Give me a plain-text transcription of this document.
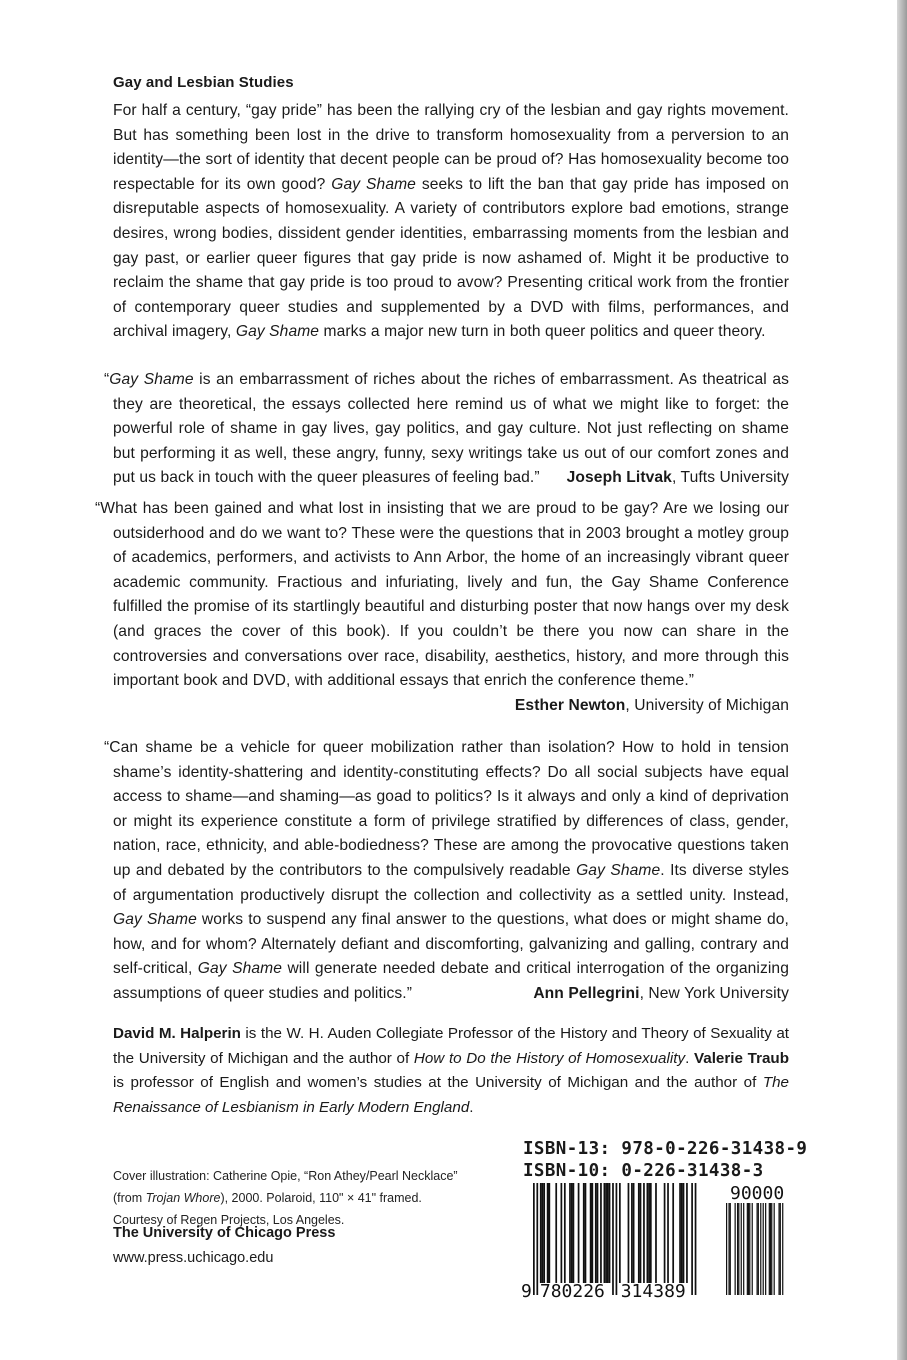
Gay and Lesbian Studies
For half a century, “gay pride” has been the rallying cry of the lesbian and gay rights movement. But has something been lost in the drive to transform homosexuality from a perversion to an identity—the sort of identity that decent people can be proud of? Has homosexuality become too respectable for its own good? Gay Shame seeks to lift the ban that gay pride has imposed on disreputable aspects of homosexuality. A variety of contributors explore bad emotions, strange desires, wrong bodies, dissident gender identities, embarrassing moments from the lesbian and gay past, or earlier queer figures that gay pride is now ashamed of. Might it be productive to reclaim the shame that gay pride is too proud to avow? Presenting critical work from the frontier of contemporary queer studies and supplemented by a DVD with films, performances, and archival imagery, Gay Shame marks a major new turn in both queer politics and queer theory.
“Gay Shame is an embarrassment of riches about the riches of embarrassment. As theatrical as they are theoretical, the essays collected here remind us of what we might like to forget: the powerful role of shame in gay lives, gay politics, and gay culture. Not just reflecting on shame but performing it as well, these angry, funny, sexy writings take us out of our comfort zones and put us back in touch with the queer pleasures of feeling bad.” Joseph Litvak, Tufts University
“What has been gained and what lost in insisting that we are proud to be gay? Are we losing our outsiderhood and do we want to? These were the questions that in 2003 brought a motley group of academics, performers, and activists to Ann Arbor, the home of an increasingly vibrant queer academic community. Fractious and infuriating, lively and fun, the Gay Shame Conference fulfilled the promise of its startlingly beautiful and disturbing poster that now hangs over my desk (and graces the cover of this book). If you couldn’t be there you now can share in the controversies and conversations over race, disability, aesthetics, history, and more through this important book and DVD, with additional essays that enrich the conference theme.”
Esther Newton, University of Michigan
“Can shame be a vehicle for queer mobilization rather than isolation? How to hold in tension shame’s identity-shattering and identity-constituting effects? Do all social subjects have equal access to shame—and shaming—as goad to politics? Is it always and only a kind of deprivation or might its experience constitute a form of privilege stratified by differences of class, gender, nation, race, ethnicity, and able-bodiedness? These are among the provocative questions taken up and debated by the contributors to the compulsively readable Gay Shame. Its diverse styles of argumentation productively disrupt the collection and collectivity as a settled unity. Instead, Gay Shame works to suspend any final answer to the questions, what does or might shame do, how, and for whom? Alternately defiant and discomforting, galvanizing and galling, contrary and self-critical, Gay Shame will generate needed debate and critical interrogation of the organizing assumptions of queer studies and politics.”	Ann Pellegrini, New York University
David M. Halperin is the W. H. Auden Collegiate Professor of the History and Theory of Sexuality at the University of Michigan and the author of How to Do the History of Homosexuality. Valerie Traub is professor of English and women’s studies at the University of Michigan and the author of The Renaissance of Lesbianism in Early Modern England.
Cover illustration: Catherine Opie, “Ron Athey/Pearl Necklace”
(from Trojan Whore), 2000. Polaroid, 110" × 41" framed.
Courtesy of Regen Projects, Los Angeles.
The University of Chicago Press
www.press.uchicago.edu
ISBN-13: 978-0-226-31438-9
ISBN-10: 0-226-31438-3
9 780226 314389
90000
